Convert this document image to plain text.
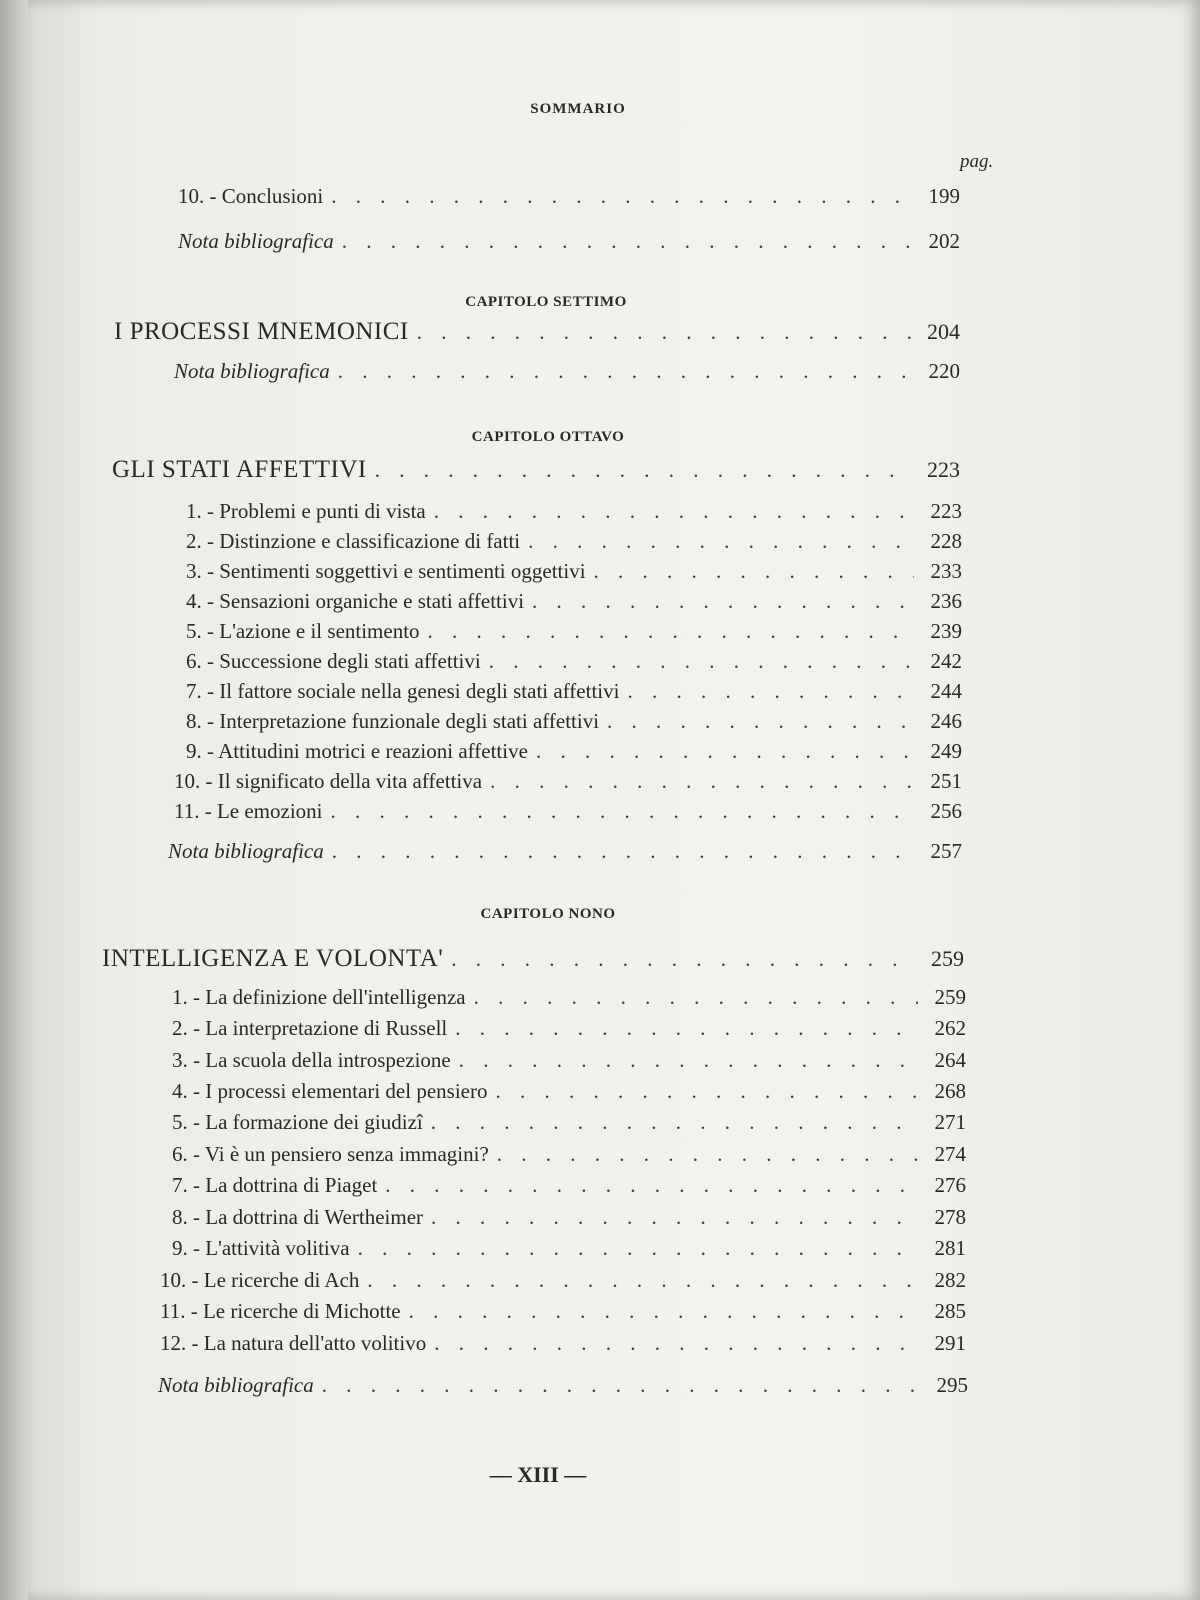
SOMMARIO
pag.
10. - Conclusioni . . .	199
Nota bibliografica . . .	202
CAPITOLO SETTIMO
I PROCESSI MNEMONICI . . .	204
Nota bibliografica . . .	220
CAPITOLO OTTAVO
GLI STATI AFFETTIVI . . .	223
1. - Problemi e punti di vista . . .	223
2. - Distinzione e classificazione di fatti . . .	228
3. - Sentimenti soggettivi e sentimenti oggettivi . . .	233
4. - Sensazioni organiche e stati affettivi . . .	236
5. - L'azione e il sentimento . . .	239
6. - Successione degli stati affettivi . . .	242
7. - Il fattore sociale nella genesi degli stati affettivi . . .	244
8. - Interpretazione funzionale degli stati affettivi . . .	246
9. - Attitudini motrici e reazioni affettive . . .	249
10. - Il significato della vita affettiva . . .	251
11. - Le emozioni . . .	256
Nota bibliografica . . .	257
CAPITOLO NONO
INTELLIGENZA E VOLONTA' . . .	259
1. - La definizione dell'intelligenza . . .	259
2. - La interpretazione di Russell . . .	262
3. - La scuola della introspezione . . .	264
4. - I processi elementari del pensiero . . .	268
5. - La formazione dei giudizî . . .	271
6. - Vi è un pensiero senza immagini? . . .	274
7. - La dottrina di Piaget . . .	276
8. - La dottrina di Wertheimer . . .	278
9. - L'attività volitiva . . .	281
10. - Le ricerche di Ach . . .	282
11. - Le ricerche di Michotte . . .	285
12. - La natura dell'atto volitivo . . .	291
Nota bibliografica . . .	295
— XIII —
